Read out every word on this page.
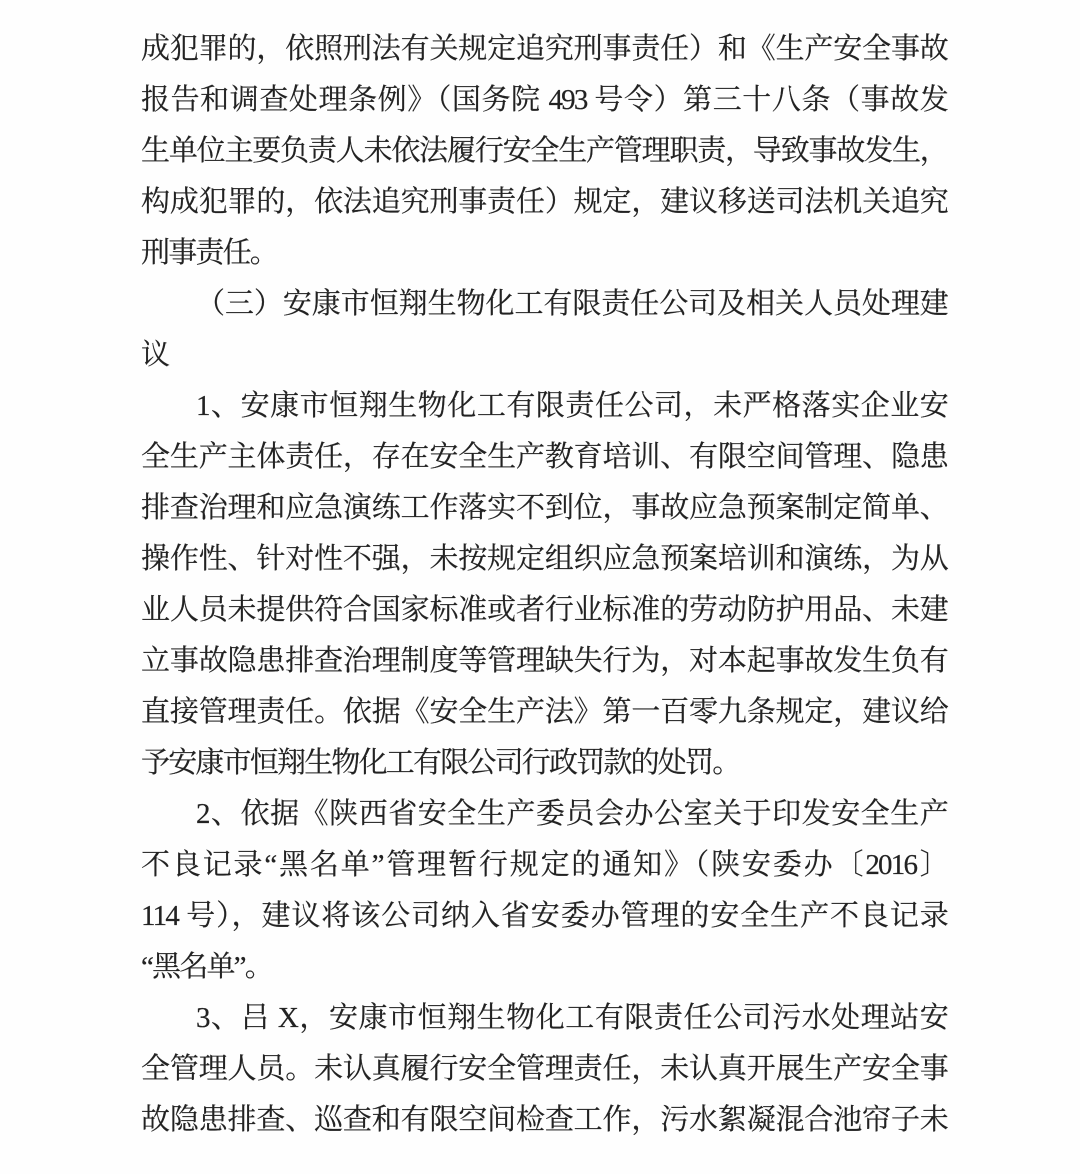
成犯罪的，依照刑法有关规定追究刑事责任）和《生产安全事故
报告和调查处理条例》（国务院 493 号令）第三十八条（事故发
生单位主要负责人未依法履行安全生产管理职责，导致事故发生，
构成犯罪的，依法追究刑事责任）规定，建议移送司法机关追究
刑事责任。
（三）安康市恒翔生物化工有限责任公司及相关人员处理建
议
1、安康市恒翔生物化工有限责任公司，未严格落实企业安
全生产主体责任，存在安全生产教育培训、有限空间管理、隐患
排查治理和应急演练工作落实不到位，事故应急预案制定简单、
操作性、针对性不强，未按规定组织应急预案培训和演练，为从
业人员未提供符合国家标准或者行业标准的劳动防护用品、未建
立事故隐患排查治理制度等管理缺失行为，对本起事故发生负有
直接管理责任。依据《安全生产法》第一百零九条规定，建议给
予安康市恒翔生物化工有限公司行政罚款的处罚。
2、依据《陕西省安全生产委员会办公室关于印发安全生产
不良记录“黑名单”管理暂行规定的通知》（陕安委办〔2016〕
114 号），建议将该公司纳入省安委办管理的安全生产不良记录
“黑名单”。
3、吕 X，安康市恒翔生物化工有限责任公司污水处理站安
全管理人员。未认真履行安全管理责任，未认真开展生产安全事
故隐患排查、巡查和有限空间检查工作，污水絮凝混合池帘子未
